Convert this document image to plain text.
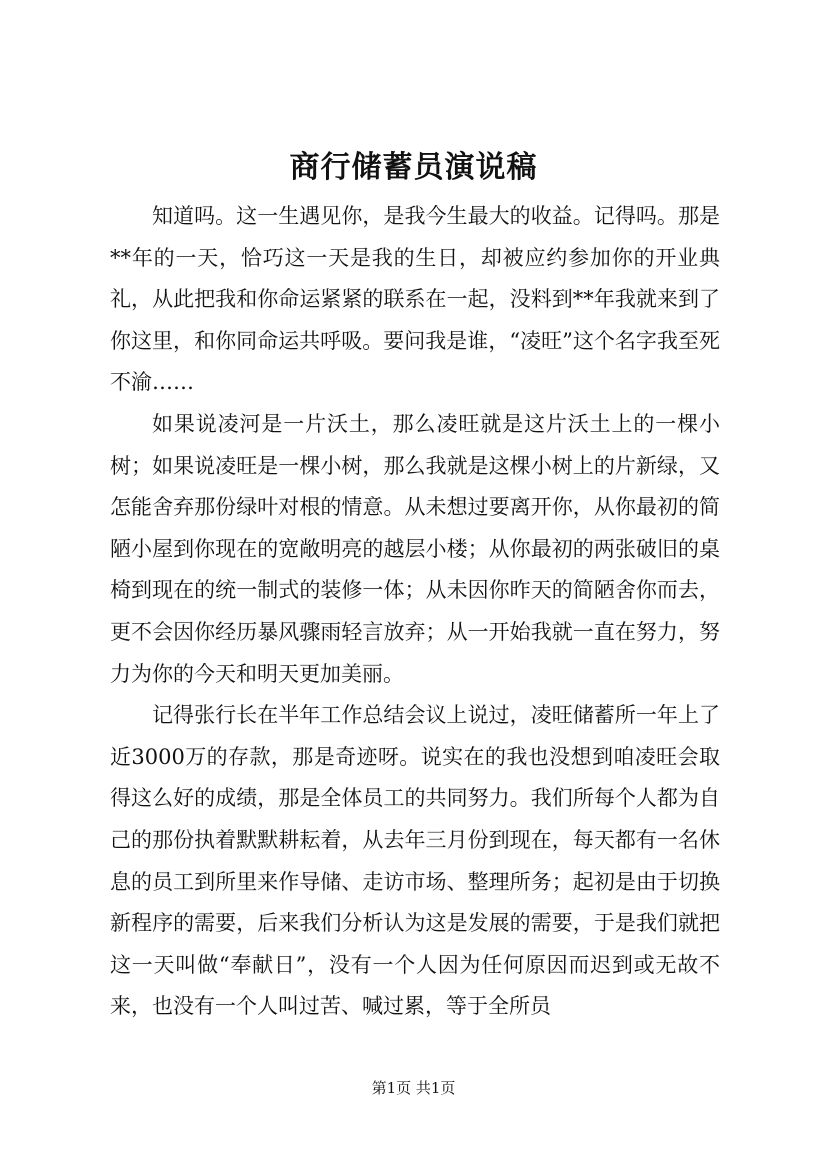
商行储蓄员演说稿

知道吗。这一生遇见你，是我今生最大的收益。记得吗。那是**年的一天，恰巧这一天是我的生日，却被应约参加你的开业典礼，从此把我和你命运紧紧的联系在一起，没料到**年我就来到了你这里，和你同命运共呼吸。要问我是谁，“凌旺”这个名字我至死不渝……

如果说凌河是一片沃土，那么凌旺就是这片沃土上的一棵小树；如果说凌旺是一棵小树，那么我就是这棵小树上的片新绿，又怎能舍弃那份绿叶对根的情意。从未想过要离开你，从你最初的简陋小屋到你现在的宽敞明亮的越层小楼；从你最初的两张破旧的桌椅到现在的统一制式的装修一体；从未因你昨天的简陋舍你而去，更不会因你经历暴风骤雨轻言放弃；从一开始我就一直在努力，努力为你的今天和明天更加美丽。

记得张行长在半年工作总结会议上说过，凌旺储蓄所一年上了近3000万的存款，那是奇迹呀。说实在的我也没想到咱凌旺会取得这么好的成绩，那是全体员工的共同努力。我们所每个人都为自己的那份执着默默耕耘着，从去年三月份到现在，每天都有一名休息的员工到所里来作导储、走访市场、整理所务；起初是由于切换新程序的需要，后来我们分析认为这是发展的需要，于是我们就把这一天叫做“奉献日”，没有一个人因为任何原因而迟到或无故不来，也没有一个人叫过苦、喊过累，等于全所员

第1页 共1页
